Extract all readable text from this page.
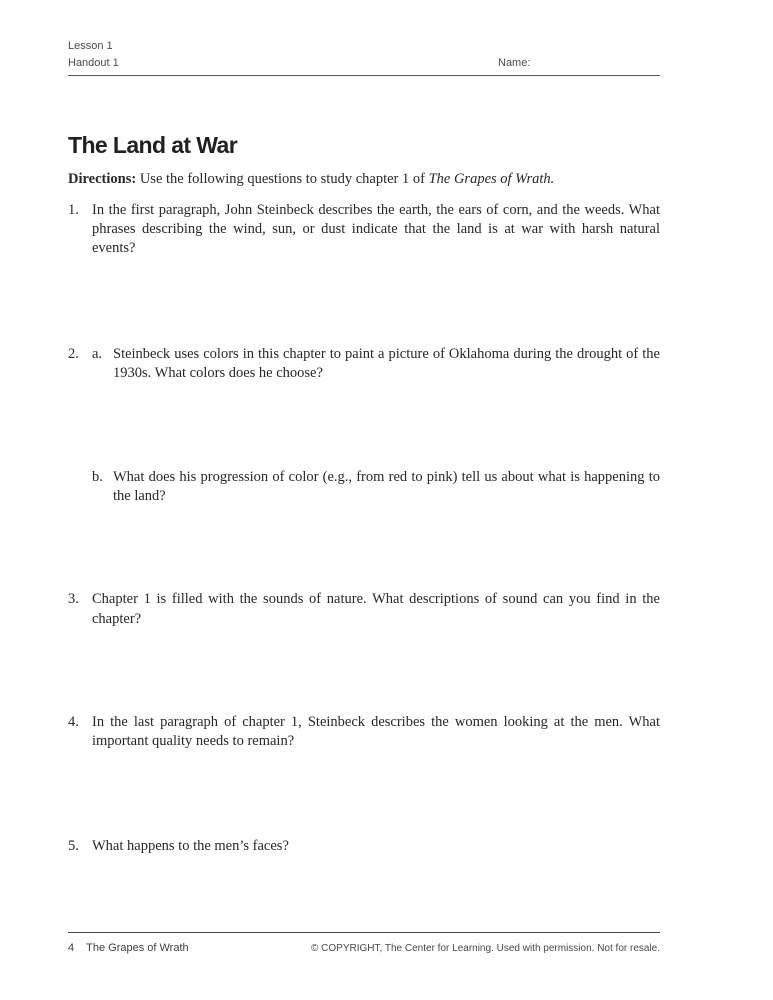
Lesson 1
Handout 1	Name:
The Land at War

Directions: Use the following questions to study chapter 1 of The Grapes of Wrath.

1. In the first paragraph, John Steinbeck describes the earth, the ears of corn, and the weeds. What phrases describing the wind, sun, or dust indicate that the land is at war with harsh natural events?
2. a. Steinbeck uses colors in this chapter to paint a picture of Oklahoma during the drought of the 1930s. What colors does he choose?
b. What does his progression of color (e.g., from red to pink) tell us about what is happening to the land?
3. Chapter 1 is filled with the sounds of nature. What descriptions of sound can you find in the chapter?
4. In the last paragraph of chapter 1, Steinbeck describes the women looking at the men. What important quality needs to remain?
5. What happens to the men’s faces?
4 The Grapes of Wrath	© COPYRIGHT, The Center for Learning. Used with permission. Not for resale.
